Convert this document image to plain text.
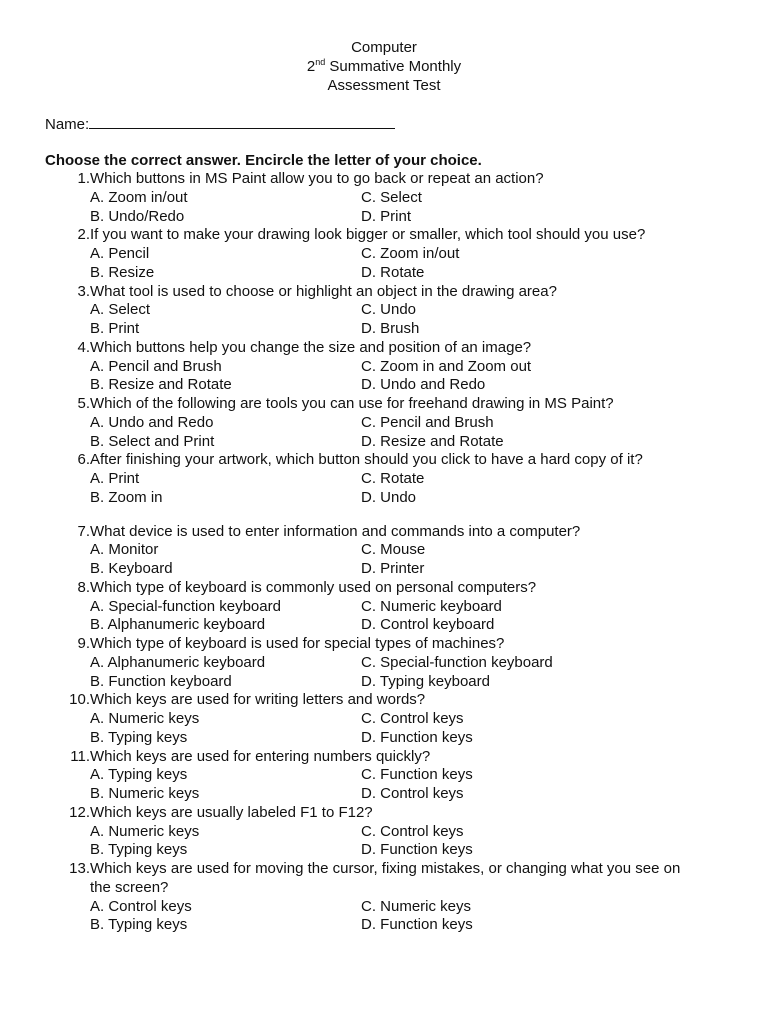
Computer
2nd Summative Monthly
Assessment Test
Name:
Choose the correct answer. Encircle the letter of your choice.
1. Which buttons in MS Paint allow you to go back or repeat an action?
A. Zoom in/out	C. Select
B. Undo/Redo	D. Print
2. If you want to make your drawing look bigger or smaller, which tool should you use?
A. Pencil	C. Zoom in/out
B. Resize	D. Rotate
3. What tool is used to choose or highlight an object in the drawing area?
A. Select	C. Undo
B. Print	D. Brush
4. Which buttons help you change the size and position of an image?
A. Pencil and Brush	C. Zoom in and Zoom out
B. Resize and Rotate	D. Undo and Redo
5. Which of the following are tools you can use for freehand drawing in MS Paint?
A. Undo and Redo	C. Pencil and Brush
B. Select and Print	D. Resize and Rotate
6. After finishing your artwork, which button should you click to have a hard copy of it?
A. Print	C. Rotate
B. Zoom in	D. Undo
7. What device is used to enter information and commands into a computer?
A. Monitor	C. Mouse
B. Keyboard	D. Printer
8. Which type of keyboard is commonly used on personal computers?
A. Special-function keyboard	C. Numeric keyboard
B. Alphanumeric keyboard	D. Control keyboard
9. Which type of keyboard is used for special types of machines?
A. Alphanumeric keyboard	C. Special-function keyboard
B. Function keyboard	D. Typing keyboard
10. Which keys are used for writing letters and words?
A. Numeric keys	C. Control keys
B. Typing keys	D. Function keys
11. Which keys are used for entering numbers quickly?
A. Typing keys	C. Function keys
B. Numeric keys	D. Control keys
12. Which keys are usually labeled F1 to F12?
A. Numeric keys	C. Control keys
B. Typing keys	D. Function keys
13. Which keys are used for moving the cursor, fixing mistakes, or changing what you see on
the screen?
A. Control keys	C. Numeric keys
B. Typing keys	D. Function keys
